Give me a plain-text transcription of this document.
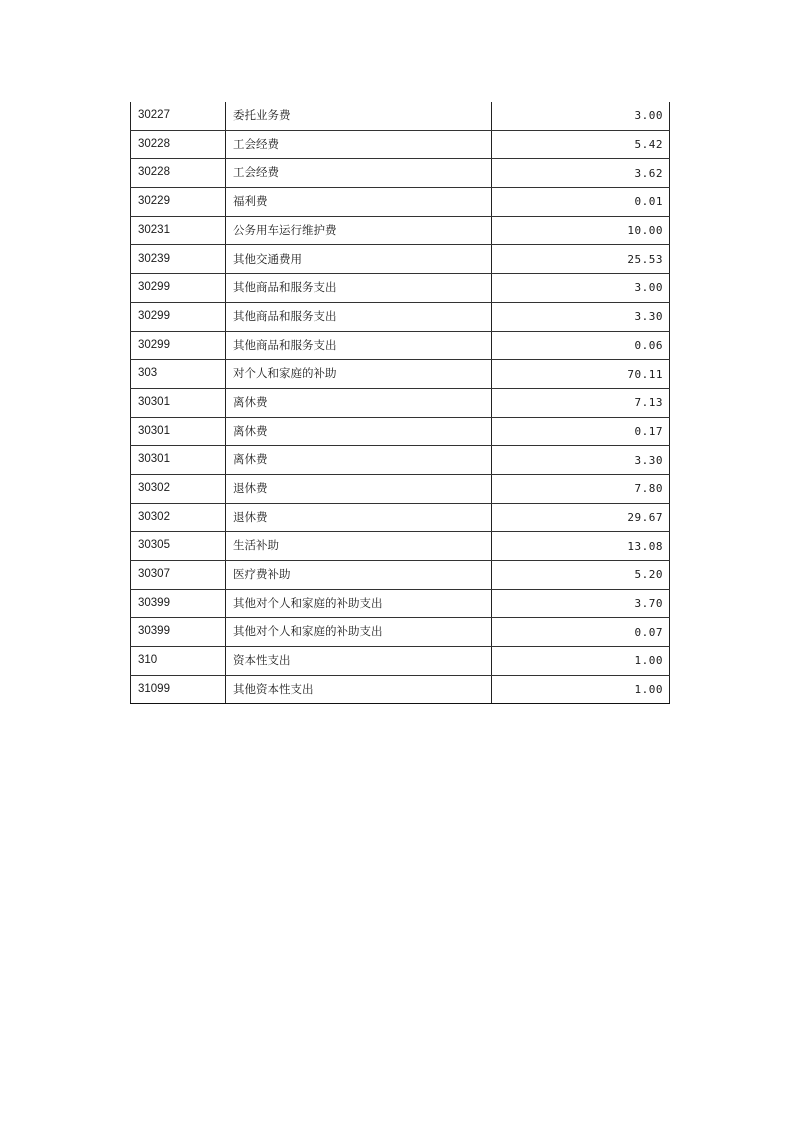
30227	委托业务费	3.00
30228	工会经费	5.42
30228	工会经费	3.62
30229	福利费	0.01
30231	公务用车运行维护费	10.00
30239	其他交通费用	25.53
30299	其他商品和服务支出	3.00
30299	其他商品和服务支出	3.30
30299	其他商品和服务支出	0.06
303	对个人和家庭的补助	70.11
30301	离休费	7.13
30301	离休费	0.17
30301	离休费	3.30
30302	退休费	7.80
30302	退休费	29.67
30305	生活补助	13.08
30307	医疗费补助	5.20
30399	其他对个人和家庭的补助支出	3.70
30399	其他对个人和家庭的补助支出	0.07
310	资本性支出	1.00
31099	其他资本性支出	1.00
